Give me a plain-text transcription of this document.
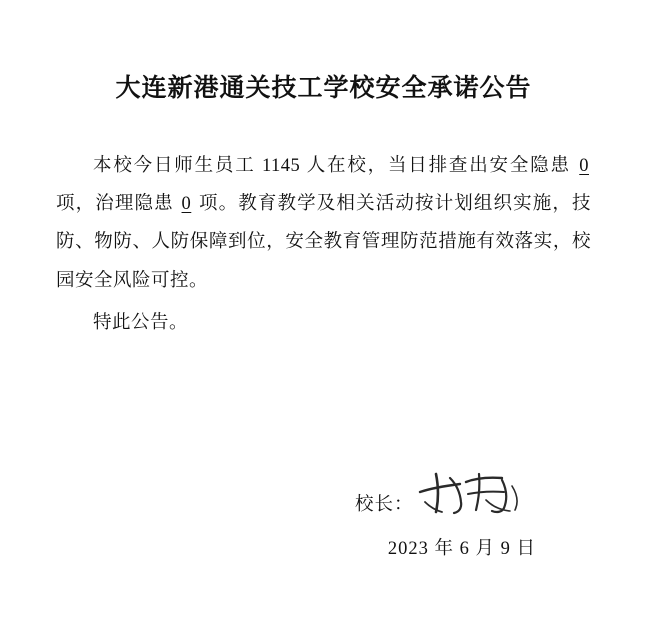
大连新港通关技工学校安全承诺公告

本校今日师生员工 1145 人在校，当日排查出安全隐患 0 项，治理隐患 0 项。教育教学及相关活动按计划组织实施，技防、物防、人防保障到位，安全教育管理防范措施有效落实，校园安全风险可控。

特此公告。

校长：
2023 年 6 月 9 日
